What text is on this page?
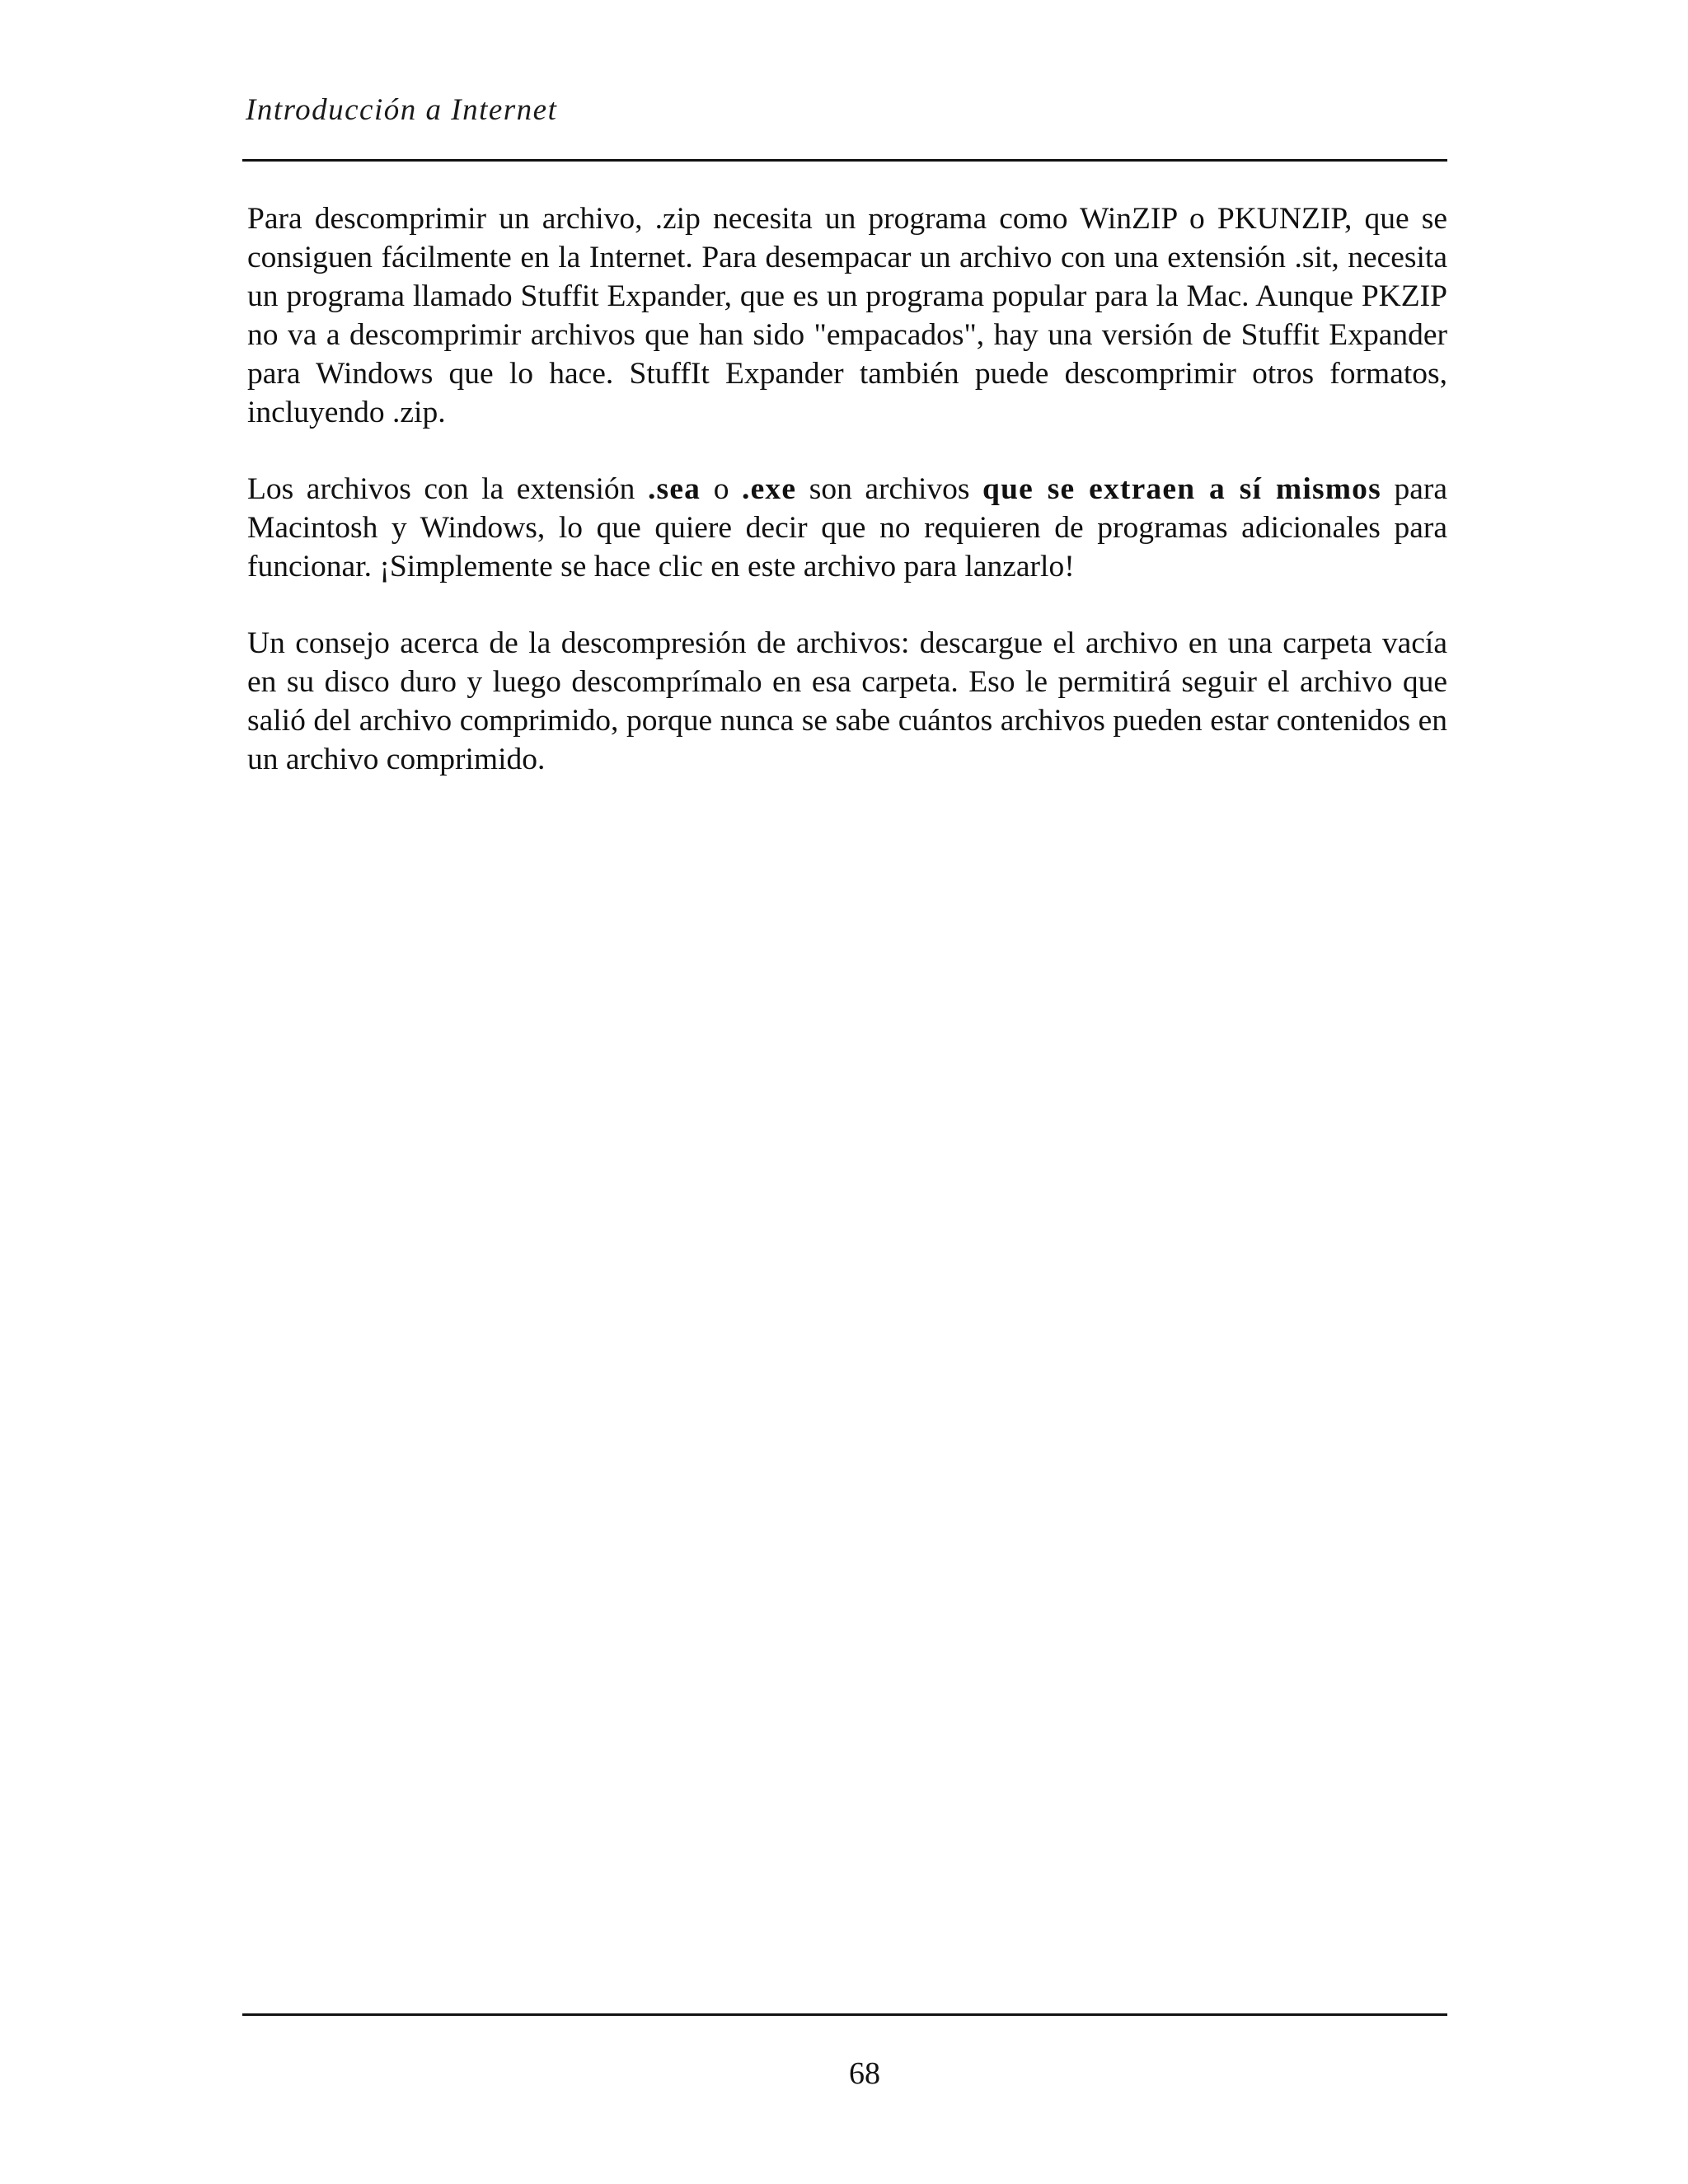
Introducción a Internet

Para descomprimir un archivo, .zip necesita un programa como WinZIP o PKUNZIP, que se consiguen fácilmente en la Internet. Para desempacar un archivo con una extensión .sit, necesita un programa llamado Stuffit Expander, que es un programa popular para la Mac. Aunque PKZIP no va a descomprimir archivos que han sido "empacados", hay una versión de Stuffit Expander para Windows que lo hace. StuffIt Expander también puede descomprimir otros formatos, incluyendo .zip.

Los archivos con la extensión .sea o .exe son archivos que se extraen a sí mismos para Macintosh y Windows, lo que quiere decir que no requieren de programas adicionales para funcionar. ¡Simplemente se hace clic en este archivo para lanzarlo!

Un consejo acerca de la descompresión de archivos: descargue el archivo en una carpeta vacía en su disco duro y luego descomprímalo en esa carpeta. Eso le permitirá seguir el archivo que salió del archivo comprimido, porque nunca se sabe cuántos archivos pueden estar contenidos en un archivo comprimido.

68
